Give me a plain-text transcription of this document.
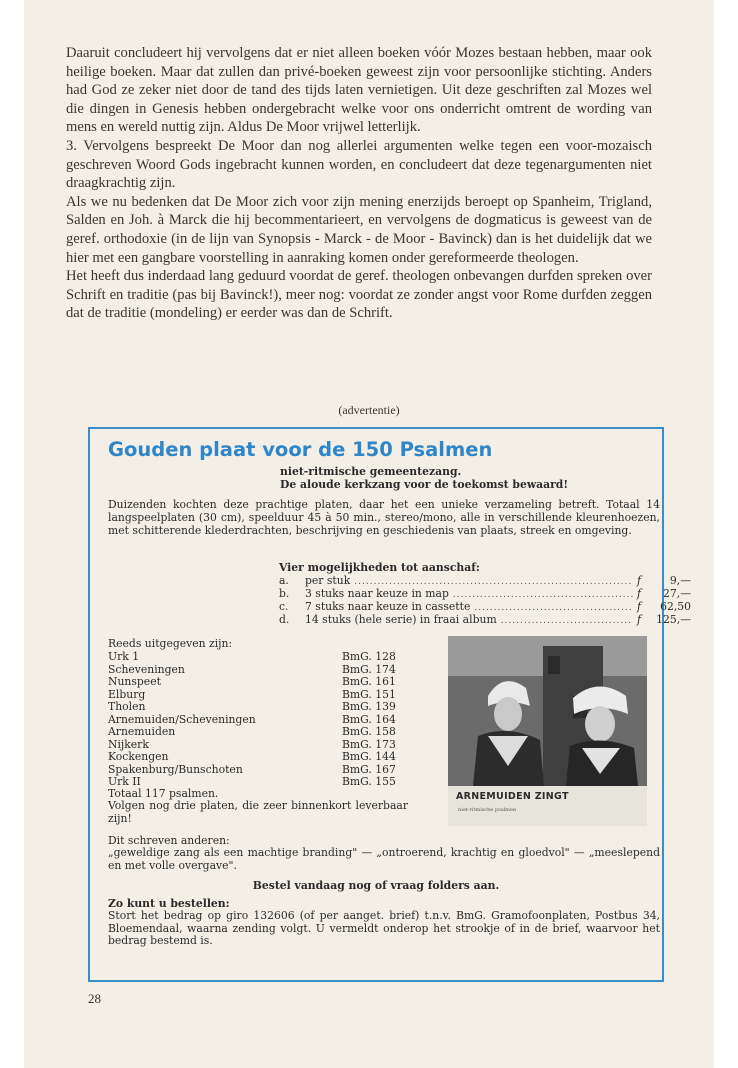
Daaruit concludeert hij vervolgens dat er niet alleen boeken vóór Mozes bestaan hebben, maar ook heilige boeken. Maar dat zullen dan privé-boeken geweest zijn voor persoonlijke stichting. Anders had God ze zeker niet door de tand des tijds laten vernietigen. Uit deze geschriften zal Mozes wel die dingen in Genesis hebben ondergebracht welke voor ons onderricht omtrent de wording van mens en wereld nuttig zijn. Aldus De Moor vrijwel letterlijk.

3. Vervolgens bespreekt De Moor dan nog allerlei argumenten welke tegen een voor-mozaisch geschreven Woord Gods ingebracht kunnen worden, en concludeert dat deze tegenargumenten niet draagkrachtig zijn.

Als we nu bedenken dat De Moor zich voor zijn mening enerzijds beroept op Spanheim, Trigland, Salden en Joh. à Marck die hij becommentarieert, en vervolgens de dogmaticus is geweest van de geref. orthodoxie (in de lijn van Synopsis - Marck - de Moor - Bavinck) dan is het duidelijk dat we hier met een gangbare voorstelling in aanraking komen onder gereformeerde theologen.

Het heeft dus inderdaad lang geduurd voordat de geref. theologen onbevangen durfden spreken over Schrift en traditie (pas bij Bavinck!), meer nog: voordat ze zonder angst voor Rome durfden zeggen dat de traditie (mondeling) er eerder was dan de Schrift.

(advertentie)
Gouden plaat voor de 150 Psalmen
niet-ritmische gemeentezang.
De aloude kerkzang voor de toekomst bewaard!
Duizenden kochten deze prachtige platen, daar het een unieke verzameling betreft. Totaal 14 langspeelplaten (30 cm), speelduur 45 à 50 min., stereo/mono, alle in verschillende kleurenhoezen, met schitterende klederdrachten, beschrijving en geschiedenis van plaats, streek en omgeving.
Vier mogelijkheden tot aanschaf:
a.	per stuk .....	f	9,—
b.	3 stuks naar keuze in map .....	f	27,—
c.	7 stuks naar keuze in cassette .....	f	62,50
d.	14 stuks (hele serie) in fraai album .....	f	125,—
Reeds uitgegeven zijn:
Urk 1	BmG. 128
Scheveningen	BmG. 174
Nunspeet	BmG. 161
Elburg	BmG. 151
Tholen	BmG. 139
Arnemuiden/Scheveningen	BmG. 164
Arnemuiden	BmG. 158
Nijkerk	BmG. 173
Kockengen	BmG. 144
Spakenburg/Bunschoten	BmG. 167
Urk II	BmG. 155
Totaal 117 psalmen.
Volgen nog drie platen, die zeer binnenkort leverbaar zijn!
ARNEMUIDEN ZINGT
niet-ritmische psalmen
Dit schreven anderen:
„geweldige zang als een machtige branding" — „ontroerend, krachtig en gloedvol" — „meeslepend en met volle overgave".
Bestel vandaag nog of vraag folders aan.
Zo kunt u bestellen:
Stort het bedrag op giro 132606 (of per aanget. brief) t.n.v. BmG. Gramofoonplaten, Postbus 34, Bloemendaal, waarna zending volgt. U vermeldt onderop het strookje of in de brief, waarvoor het bedrag bestemd is.
28
